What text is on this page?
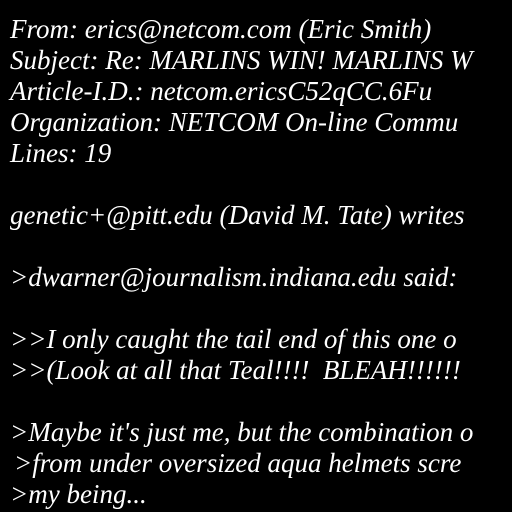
From: erics@netcom.com (Eric Smith)
Subject: Re: MARLINS WIN! MARLINS W
Article-I.D.: netcom.ericsC52qCC.6Fu
Organization: NETCOM On-line Commu
Lines: 19
genetic+@pitt.edu (David M. Tate) writes
>dwarner@journalism.indiana.edu said:
>>I only caught the tail end of this one o
>>(Look at all that Teal!!!!  BLEAH!!!!!!
>Maybe it's just me, but the combination o
>from under oversized aqua helmets scre
>my being...
